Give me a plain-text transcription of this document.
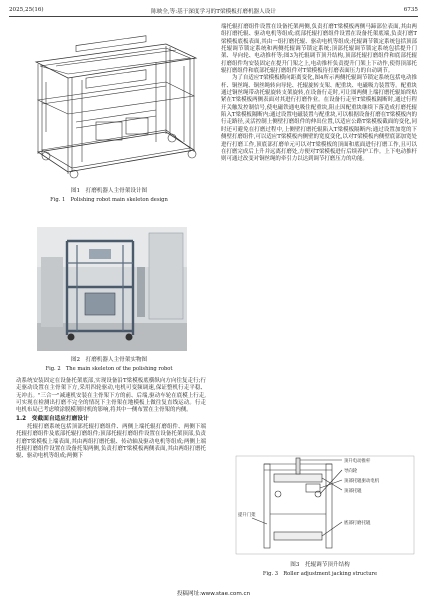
2025,25(16)	陈映全,等:基于深度学习的T梁模板打磨机器人设计	6735
图1　打磨机器人主骨架设计图
Fig. 1　Polishing robot main skeleton design
图2　打磨机器人主骨架实物图
Fig. 2　The main skeleton of the polishing robot

动系统安装固定在设备托架底部,实现设备沿T梁模板底横纵向方向往复走行;行走驱动设置在主骨架下方,采用四轮驱动,电机可变频调速,保证整机行走平稳、无冲击。"三合一"减速机安装在主骨架下方的前、后端,驱动车轮在底模上行走,可实现在检测出打磨不完全的情况下主骨架在地模板上做往复直线运动。行走电机布局已考虑喷涂脱模剂时机的影响,将其中一侧布置在主骨架的内侧。

1.2　变截面自适应打磨设计

托辊打磨系统包括顶部托辊打磨组件、两侧上端托辊打磨组件、两侧下端托辊打磨组件及底部托辊打磨组件;顶部托辊打磨组件设置在设备托架顶部,负责打磨T梁模板上端表面,其由两组打磨托辊、传动轴及驱动电机等组成;两侧上端托辊打磨组件设置在设备托架两侧,负责打磨T梁模板两侧表面,其由两组打磨托辊、驱动电机等组成;两侧下

端托辊打磨组件设置在设备托架两侧,负责打磨T梁模板两侧马蹄部位表面,其由两组打磨托辊、驱动电机等组成;底部托辊打磨组件设置在设备托架底端,负责打磨T梁模板底板表面,其由一组打磨托辊、驱动电机等组成;托辊调节锁定系统包括顶部托辊调节锁定系统和两侧托辊调节锁定系统;顶部托辊调节锁定系统包括提升门架、导向轮、电动推杆等;图3为托辊调节顶升结构,顶部托辊打磨组件和底部托辊打磨组件均安装固定在提升门架之上,电动推杆负责提升门架上下动作,使得顶部托辊打磨组件和底部托辊打磨组件对T梁模板待打磨表面压力的自动调节。

为了自适应T梁模板横向距离变化,图4所示两侧托辊调节锁定系统包括电动推杆、铜丝绳、铜丝绳转向导轮、托辊旋转支架、配重块、电磁吸力装置等。配重块通过铜丝绳带动托辊旋转支架旋转,在设备行走时,可让图两侧上端打磨托辊始终贴紧在T梁模板两侧表面对其进行打磨作业。在设备行走至T梁模板隔断时,通过行程开关触发控制信号,使电磁铁通电吸住配重块,阻止因配重块继续下落造成打磨托辊陷入T梁模板隔断内;通过设置电磁装置与配重块,可以根据设备打磨在T梁模板内的行走路径,灵活控制上侧壁打磨组件的伸出位置,以适应公路T梁模板截面的变化,同时还可避免在打磨过程中,上侧壁打磨托辊陷入T梁模板隔断内;通过设置加宽的下侧壁打磨组件,可以适应T梁模板内侧壁的宽度变化,以对T梁模板内侧壁底部加宽处进行打磨工作,顶底部打磨单元可以对T梁模板的顶面和底面进行打磨工作,且可以在打磨完成后上升并远离打磨处,方便对T梁模板进行后续养护工作。上下电动推杆则可通过改变对铜丝绳的牵引力以达到调节打磨压力的功能。

顶升电动推杆
导向轮
顶部托辊驱动电机
顶部托辊
提升门架
底部打磨托辊
图3　托辊调节顶升结构
Fig. 3　Roller adjustment jacking structure
投稿网址:www.stae.com.cn
